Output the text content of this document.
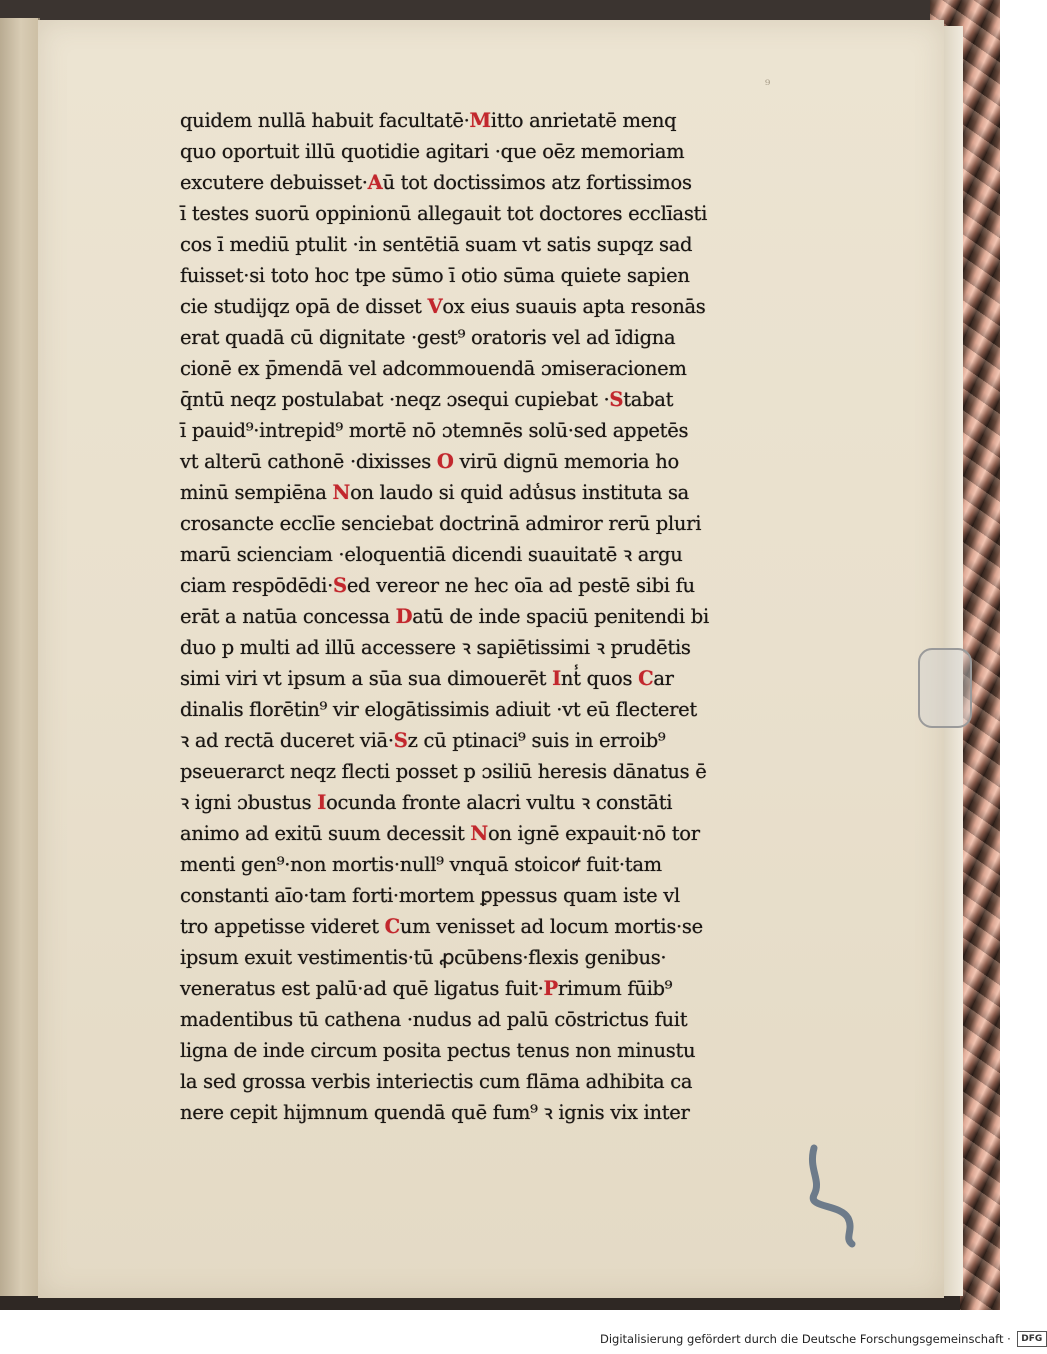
⁹
quidem nullā habuit facultatē·Mitto anrietatē menq
quo oportuit illū quotidie agitari ·que oēz memoriam
excutere debuisset·Aū tot doctissimos atz fortissimos
ī testes suorū oppinionū allegauit tot doctores ecclīasti
cos ī mediū ptulit ·in sentētiā suam vt satis supqz sad
fuisset·si toto hoc tpe sūmo ī otio sūma quiete sapien
cie studijqz opā de disset Vox eius suauis apta resonās
erat quadā cū dignitate ·gest⁹ oratoris vel ad īdigna
cionē ex p̄mendā vel adcommouendā ɔmiseracionem
q̄ntū neqz postulabat ·neqz ɔsequi cupiebat ·Stabat
ī pauid⁹·intrepid⁹ mortē nō ɔtemnēs solū·sed appetēs
vt alterū cathonē ·dixisses O virū dignū memoria ho
minū sempiēna Non laudo si quid adu̾sus instituta sa
crosancte ecclīe senciebat doctrinā admiror rerū pluri
marū scienciam ·eloquentiā dicendi suauitatē ꝛ argu
ciam respōdēdi·Sed vereor ne hec oīa ad pestē sibi fu
erāt a natūa concessa Datū de inde spaciū penitendi bi
duo p multi ad illū accessere ꝛ sapiētissimi ꝛ prudētis
simi viri vt ipsum a sūa sua dimouerēt Int̾ quos Car
dinalis florētin⁹ vir elogātissimis adiuit ·vt eū flecteret
ꝛ ad rectā duceret viā·Sz cū ptinaci⁹ suis in erroib⁹
pseuerarct neqz flecti posset p ɔsiliū heresis dānatus ē
ꝛ igni ɔbustus Iocunda fronte alacri vultu ꝛ constāti
animo ad exitū suum decessit Non ignē expauit·nō tor
menti gen⁹·non mortis·null⁹ vnquā stoicoꝵ fuit·tam
constanti aīo·tam forti·mortem ꝑpessus quam iste vl
tro appetisse videret Cum venisset ad locum mortis·se
ipsum exuit vestimentis·tū ꝓcūbens·flexis genibus·
veneratus est palū·ad quē ligatus fuit·Primum fūib⁹
madentibus tū cathena ·nudus ad palū cōstrictus fuit
ligna de inde circum posita pectus tenus non minustu
la sed grossa verbis interiectis cum flāma adhibita ca
nere cepit hijmnum quendā quē fum⁹ ꝛ ignis vix inter
Digitalisierung gefördert durch die Deutsche Forschungsgemeinschaft ·	DFG
